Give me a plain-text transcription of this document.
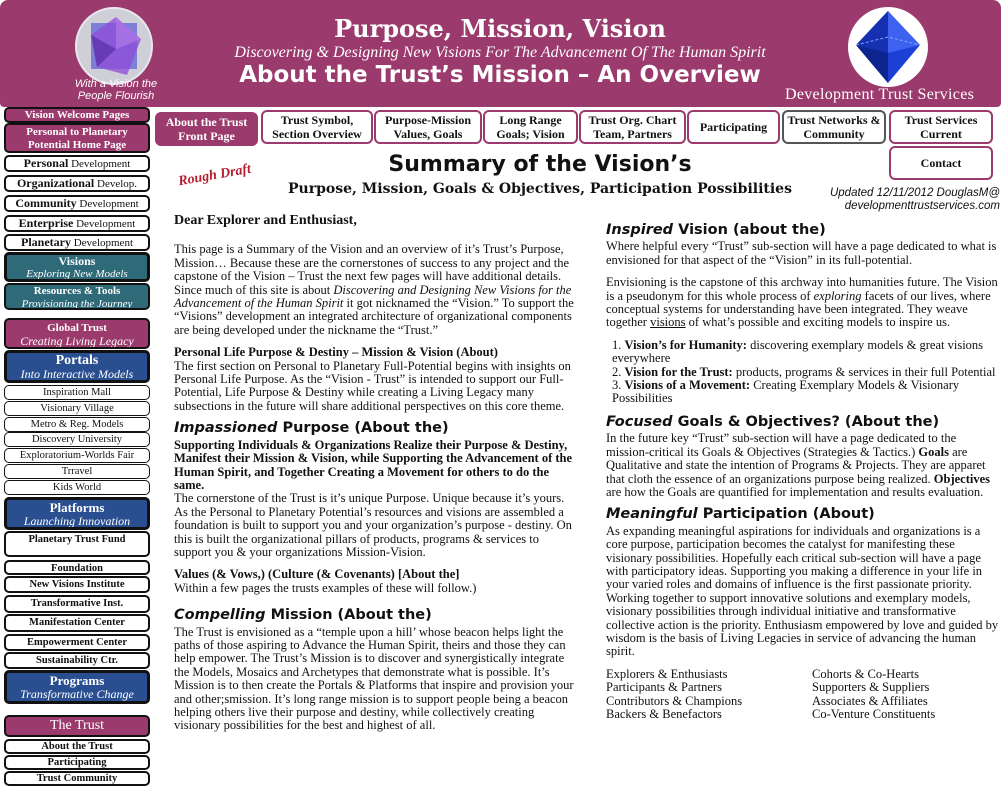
Purpose, Mission, Vision
Discovering & Designing New Visions For The Advancement Of The Human Spirit
About the Trust’s Mission – An Overview
With a Vision the People Flourish	Development Trust Services
Vision Welcome Pages
Personal to Planetary Potential Home Page
Personal Development
Organizational Develop.
Community Development
Enterprise Development
Planetary Development
Visions
Exploring New Models
Resources & Tools
Provisioning the Journey
Global Trust
Creating Living Legacy
Portals
Into Interactive Models
Inspiration Mall
Visionary Village
Metro & Reg. Models
Discovery University
Exploratorium-Worlds Fair
Trravel
Kids World
Platforms
Launching Innovation
Planetary Trust Fund
Foundation
New Visions Institute
Transformative Inst.
Manifestation Center
Empowerment Center
Sustainability Ctr.
Programs
Transformative Change
The Trust
About the Trust
Participating
Trust Community
About the Trust Front Page
Trust Symbol, Section Overview
Purpose-Mission Values, Goals
Long Range Goals; Vision
Trust Org. Chart Team, Partners	Participating	Trust Networks & Community
Trust Services Current
Contact
Rough Draft	Summary of the Vision’s
Purpose, Mission, Goals & Objectives, Participation Possibilities	Updated 12/11/2012 DouglasM@
developmenttrustservices.com

Dear Explorer and Enthusiast,

This page is a Summary of the Vision and an overview of it’s Trust’s Purpose, Mission… Because these are the cornerstones of success to any project and the capstone of the Vision – Trust the next few pages will have additional details. Since much of this site is about Discovering and Designing New Visions for the Advancement of the Human Spirit it got nicknamed the “Vision.” To support the “Visions” development an integrated architecture of organizational components are being developed under the nickname the “Trust.”

Personal Life Purpose & Destiny – Mission & Vision (About)

The first section on Personal to Planetary Full-Potential begins with insights on Personal Life Purpose. As the “Vision - Trust” is intended to support our Full-Potential, Life Purpose & Destiny while creating a Living Legacy many subsections in the future will share additional perspectives on this core theme.

Impassioned Purpose (About the)
Supporting Individuals & Organizations Realize their Purpose & Destiny, Manifest their Mission & Vision, while Supporting the Advancement of the Human Spirit, and Together Creating a Movement for others to do the same.

The cornerstone of the Trust is it’s unique Purpose. Unique because it’s yours. As the Personal to Planetary Potential’s resources and visions are assembled a foundation is built to support you and your organization’s purpose - destiny. On this is built the organizational pillars of products, programs & services to support you & your organizations Mission-Vision.

Values (& Vows,) (Culture (& Covenants) [About the]

Within a few pages the trusts examples of these will follow.)

Compelling Mission (About the)

The Trust is envisioned as a “temple upon a hill’ whose beacon helps light the paths of those aspiring to Advance the Human Spirit, theirs and those they can help empower. The Trust’s Mission is to discover and synergistically integrate the Models, Mosaics and Archetypes that demonstrate what is possible. It’s Mission is to then create the Portals & Platforms that inspire and provision your and other;smission. It’s long range mission is to support people being a beacon helping others live their purpose and destiny, while collectively creating visionary possibilities for the best and highest of all.

Inspired Vision (about the)

Where helpful every “Trust” sub-section will have a page dedicated to what is envisioned for that aspect of the “Vision” in its full-potential.

Envisioning is the capstone of this archway into humanities future. The Vision is a pseudonym for this whole process of exploring facets of our lives, where conceptual systems for understanding have been integrated. They weave together visions of what’s possible and exciting models to inspire us.

1. Vision’s for Humanity: discovering exemplary models & great visions everywhere
2. Vision for the Trust: products, programs & services in their full Potential
3. Visions of a Movement: Creating Exemplary Models & Visionary Possibilities
Focused Goals & Objectives? (About the)

In the future key “Trust” sub-section will have a page dedicated to the mission-critical its Goals & Objectives (Strategies & Tactics.) Goals are Qualitative and state the intention of Programs & Projects. They are apparet that cloth the essence of an organizations purpose being realized. Objectives are how the Goals are quantified for implementation and results evaluation.

Meaningful Participation (About)

As expanding meaningful aspirations for individuals and organizations is a core purpose, participation becomes the catalyst for manifesting these visionary possibilities. Hopefully each critical sub-section will have a page with participatory ideas. Supporting you making a difference in your life in your varied roles and domains of influence is the first passionate priority. Working together to support innovative solutions and exemplary models, visionary possibilities through individual initiative and transformative collective action is the priority. Enthusiasm empowered by love and guided by wisdom is the basis of Living Legacies in service of advancing the human spirit.

Explorers & Enthusiasts
Participants & Partners
Contributors & Champions
Backers & Benefactors
Cohorts & Co-Hearts
Supporters & Suppliers
Associates & Affiliates
Co-Venture Constituents
